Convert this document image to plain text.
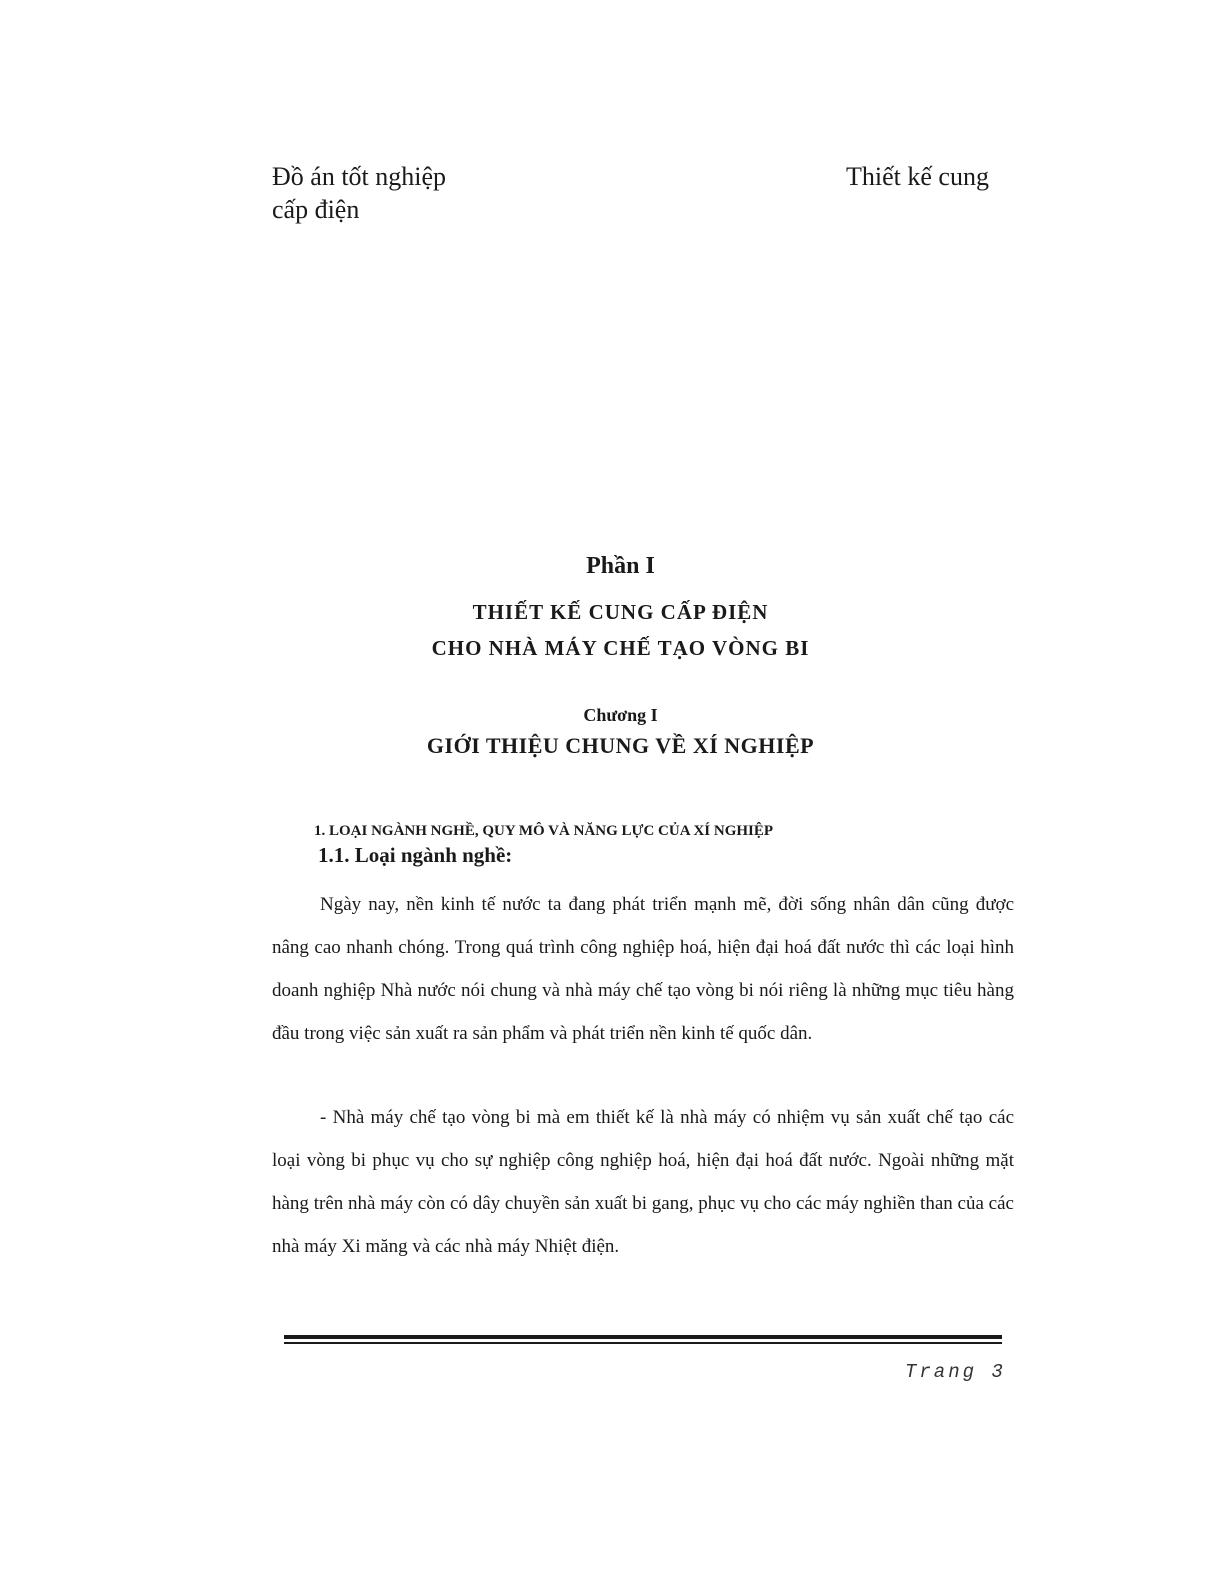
Đồ án tốt nghiệp
cấp điện
Thiết kế cung
Phần I
THIẾT KẾ CUNG CẤP ĐIỆN
CHO NHÀ MÁY CHẾ TẠO VÒNG BI
Chương I
GIỚI THIỆU CHUNG VỀ XÍ NGHIỆP
1. LOẠI NGÀNH NGHỀ, QUY MÔ VÀ NĂNG LỰC CỦA XÍ NGHIỆP
1.1. Loại ngành nghề:
Ngày nay, nền kinh tế nước ta đang phát triển mạnh mẽ, đời sống nhân dân cũng được nâng cao nhanh chóng. Trong quá trình công nghiệp hoá, hiện đại hoá đất nước thì các loại hình doanh nghiệp Nhà nước nói chung và nhà máy chế tạo vòng bi nói riêng là những mục tiêu hàng đầu trong việc sản xuất ra sản phẩm và phát triển nền kinh tế quốc dân.
- Nhà máy chế tạo vòng bi mà em thiết kế là nhà máy có nhiệm vụ sản xuất chế tạo các loại vòng bi phục vụ cho sự nghiệp công nghiệp hoá, hiện đại hoá đất nước. Ngoài những mặt hàng trên nhà máy còn có dây chuyền sản xuất bi gang, phục vụ cho các máy nghiền than của các nhà máy Xi măng và các nhà máy Nhiệt điện.
Trang 3
